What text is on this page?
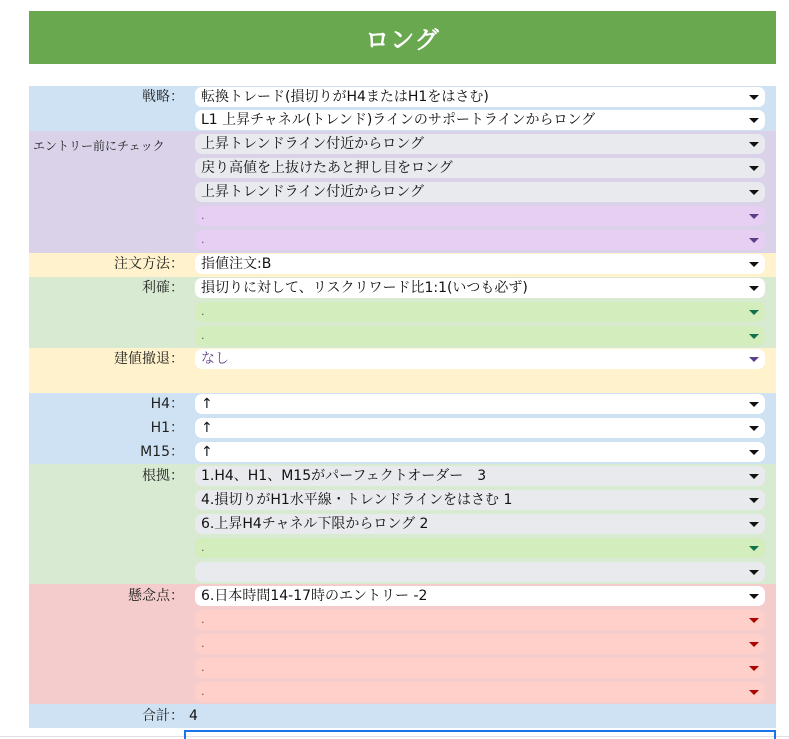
ロング
戦略：	転換トレード(損切りがH4またはH1をはさむ)
L1 上昇チャネル(トレンド)ラインのサポートラインからロング
エントリー前にチェック	上昇トレンドライン付近からロング
戻り高値を上抜けたあと押し目をロング
上昇トレンドライン付近からロング
.
.
注文方法：	指値注文:B
利確：	損切りに対して、リスクリワード比1:1(いつも必ず)
.
.
建値撤退：	なし
H4：	↑
H1：	↑
M15：	↑
根拠：	1.H4、H1、M15がパーフェクトオーダー　3
4.損切りがH1水平線・トレンドラインをはさむ 1
6.上昇H4チャネル下限からロング 2
.
懸念点：	6.日本時間14-17時のエントリー -2
.
.
.
.
合計： 4
